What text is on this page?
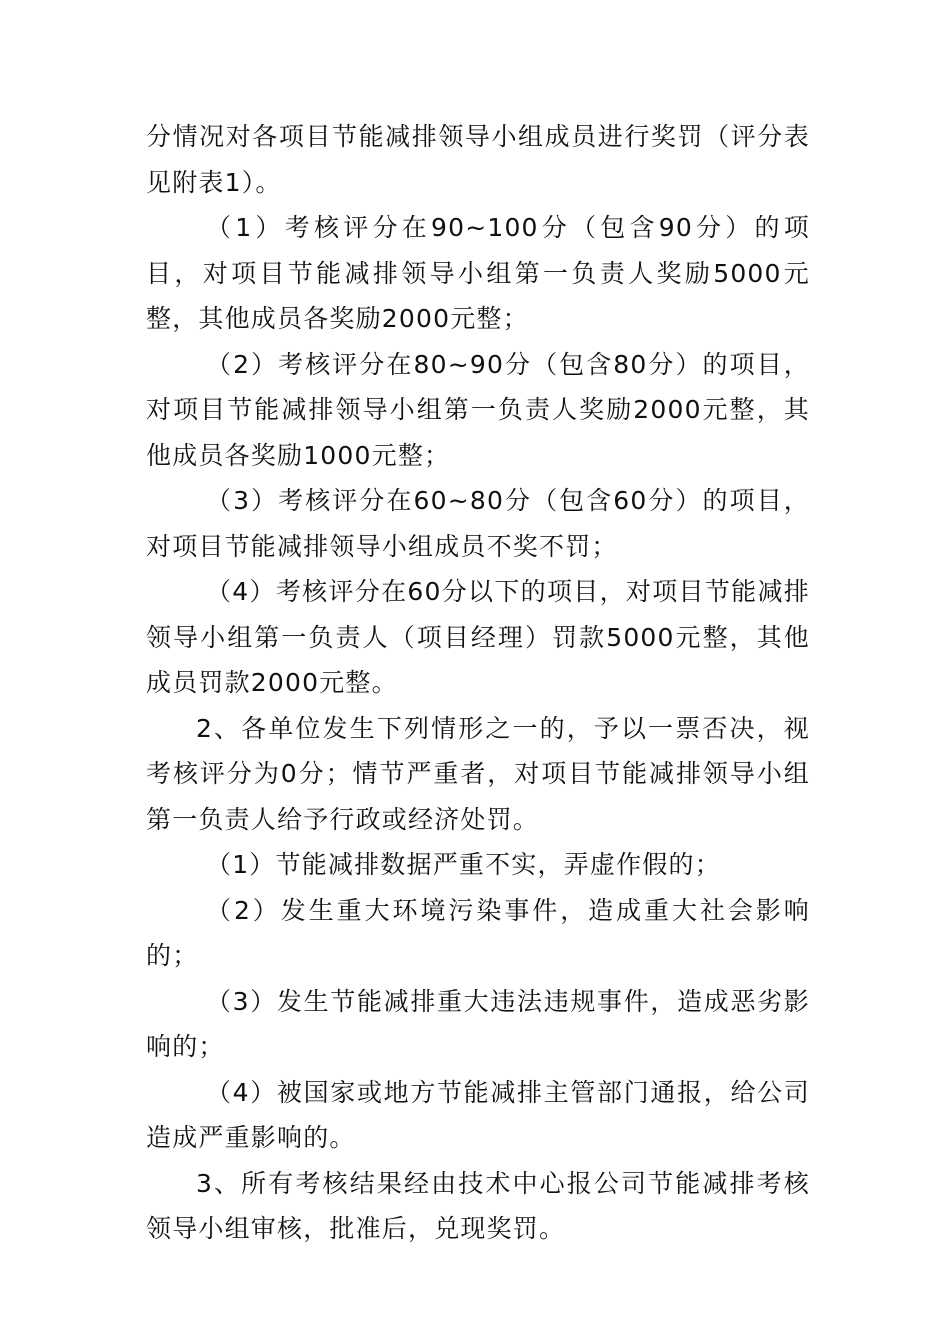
分情况对各项目节能减排领导小组成员进行奖罚（评分表见附表1）。

（1）考核评分在90~100分（包含90分）的项目，对项目节能减排领导小组第一负责人奖励5000元整，其他成员各奖励2000元整；

（2）考核评分在80~90分（包含80分）的项目，对项目节能减排领导小组第一负责人奖励2000元整，其他成员各奖励1000元整；

（3）考核评分在60~80分（包含60分）的项目，对项目节能减排领导小组成员不奖不罚；

（4）考核评分在60分以下的项目，对项目节能减排领导小组第一负责人（项目经理）罚款5000元整，其他成员罚款2000元整。

2、各单位发生下列情形之一的，予以一票否决，视考核评分为0分；情节严重者，对项目节能减排领导小组第一负责人给予行政或经济处罚。

（1）节能减排数据严重不实，弄虚作假的；

（2）发生重大环境污染事件，造成重大社会影响的；

（3）发生节能减排重大违法违规事件，造成恶劣影响的；

（4）被国家或地方节能减排主管部门通报，给公司造成严重影响的。

3、所有考核结果经由技术中心报公司节能减排考核领导小组审核，批准后，兑现奖罚。
